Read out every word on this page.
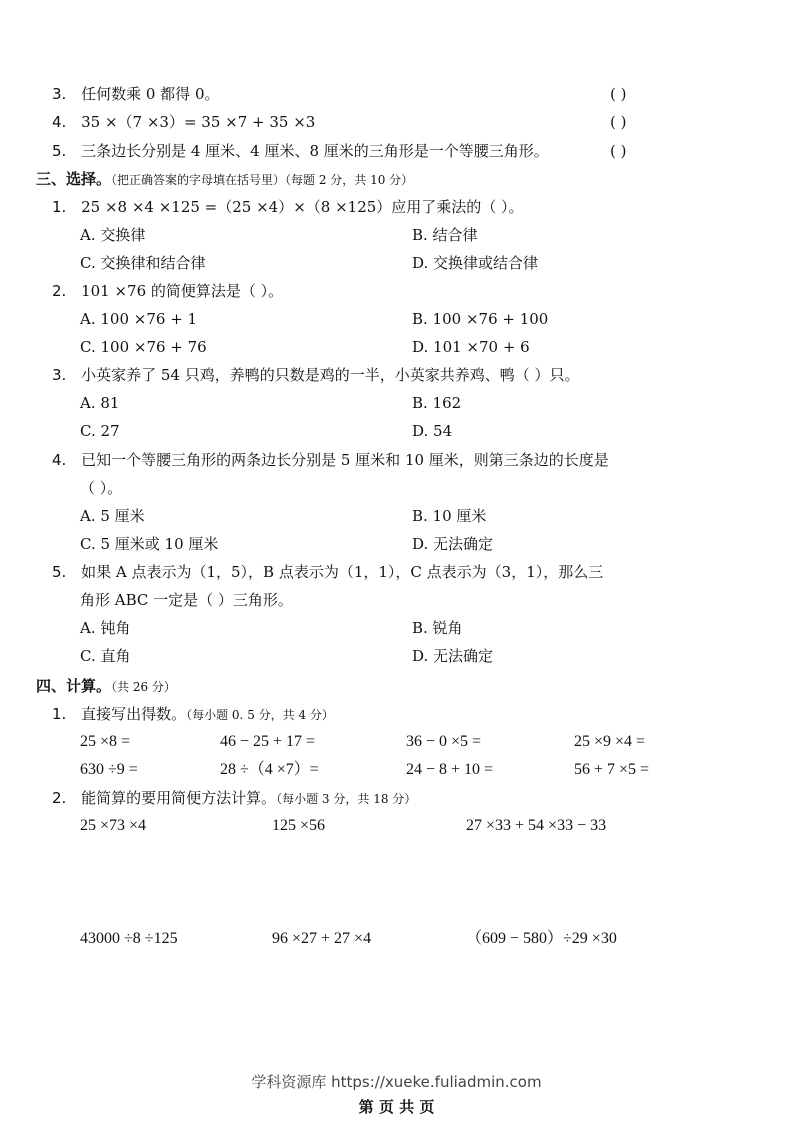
3. 任何数乘 0 都得 0。	( )
4. 35 ×（7 ×3）= 35 ×7 + 35 ×3	( )
5. 三条边长分别是 4 厘米、4 厘米、8 厘米的三角形是一个等腰三角形。	( )
三、选择。（把正确答案的字母填在括号里）（每题 2 分，共 10 分）
1. 25 ×8 ×4 ×125 =（25 ×4）×（8 ×125）应用了乘法的（ ）。
A. 交换律	B. 结合律
C. 交换律和结合律	D. 交换律或结合律
2. 101 ×76 的简便算法是（ ）。
A. 100 ×76 + 1	B. 100 ×76 + 100
C. 100 ×76 + 76	D. 101 ×70 + 6
3. 小英家养了 54 只鸡，养鸭的只数是鸡的一半，小英家共养鸡、鸭（ ）只。
A. 81	B. 162
C. 27	D. 54
4. 已知一个等腰三角形的两条边长分别是 5 厘米和 10 厘米，则第三条边的长度是
（ ）。
A. 5 厘米	B. 10 厘米
C. 5 厘米或 10 厘米	D. 无法确定
5. 如果 A 点表示为（1，5），B 点表示为（1，1），C 点表示为（3，1），那么三
角形 ABC 一定是（ ）三角形。
A. 钝角	B. 锐角
C. 直角	D. 无法确定
四、计算。（共 26 分）
1. 直接写出得数。（每小题 0. 5 分，共 4 分）
25 ×8 =	46 − 25 + 17 =	36 − 0 ×5 =	25 ×9 ×4 =
630 ÷9 =	28 ÷（4 ×7）=	24 − 8 + 10 =	56 + 7 ×5 =
2. 能简算的要用简便方法计算。（每小题 3 分，共 18 分）
25 ×73 ×4	125 ×56	27 ×33 + 54 ×33 − 33
43000 ÷8 ÷125	96 ×27 + 27 ×4	（609 − 580）÷29 ×30
学科资源库 https://xueke.fuliadmin.com
第 页 共 页
